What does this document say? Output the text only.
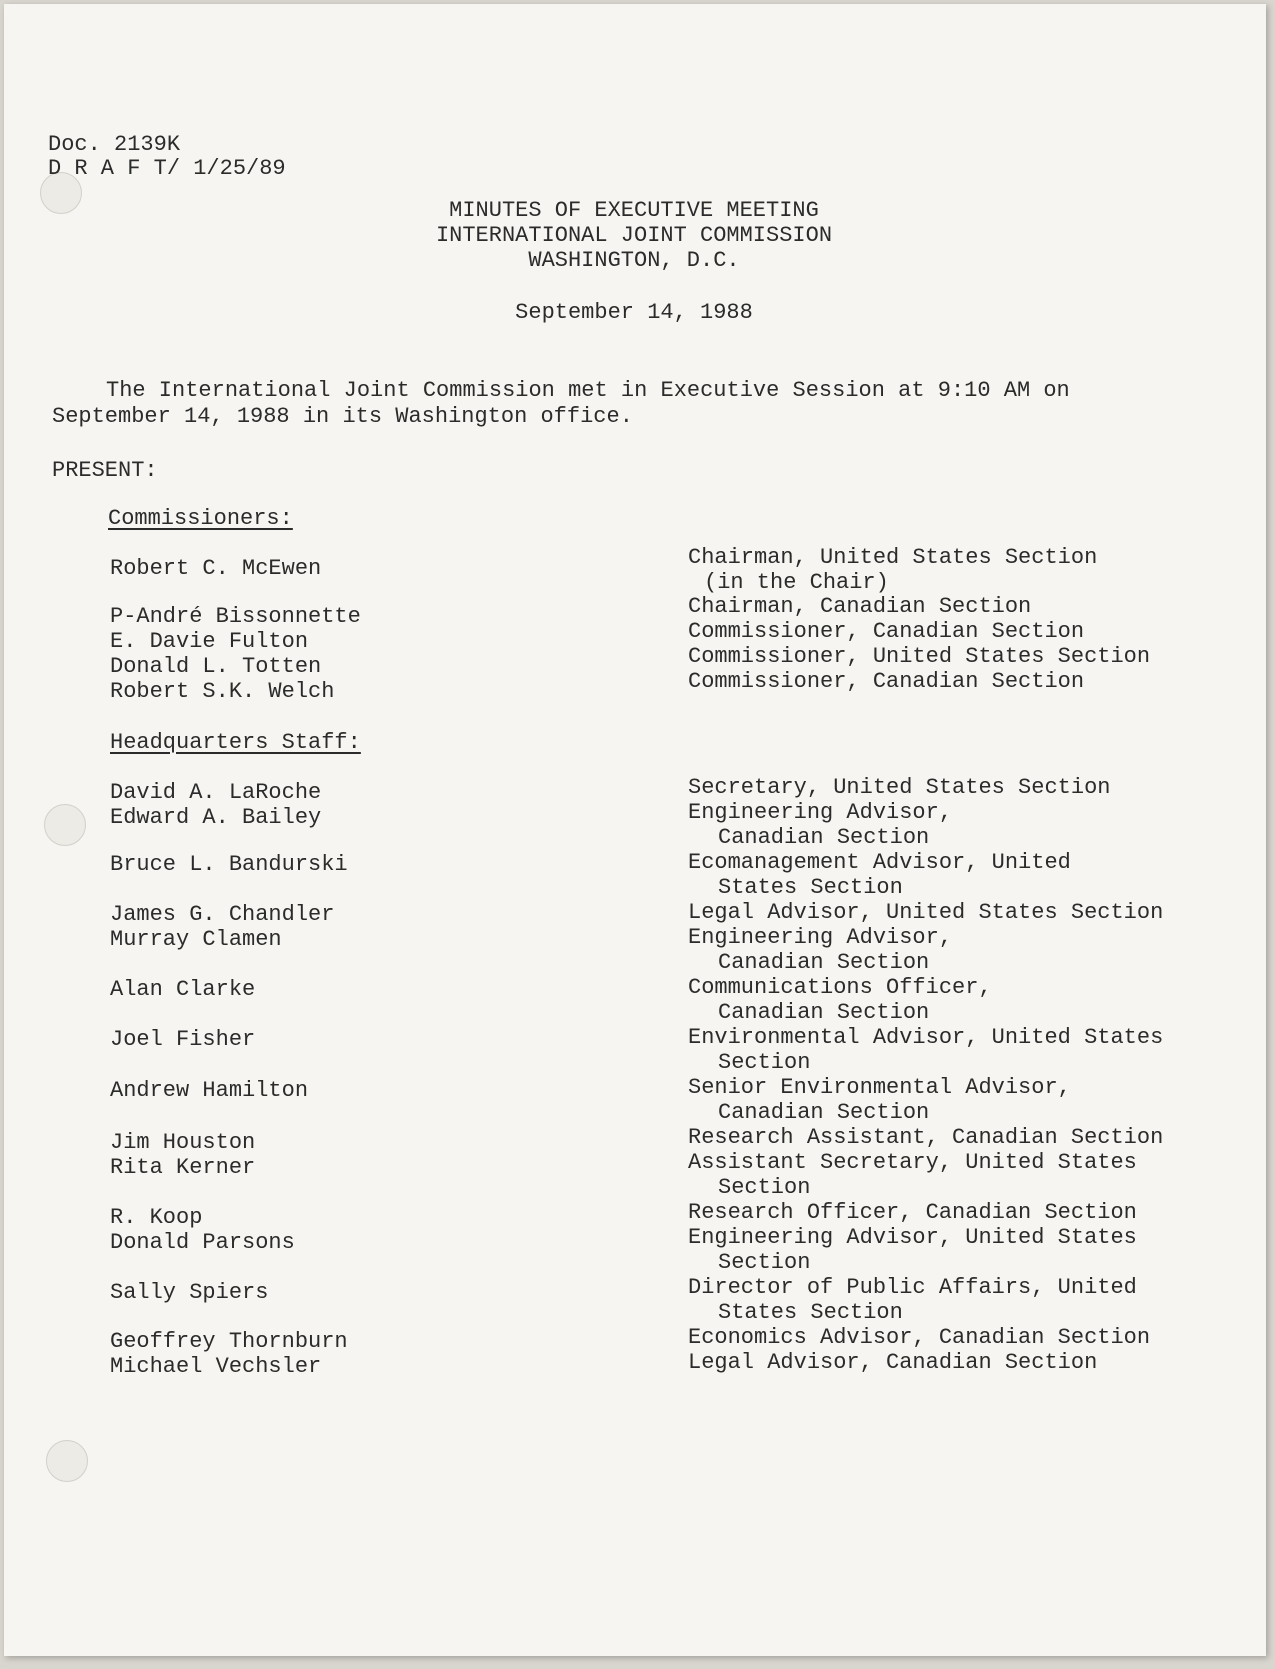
Doc. 2139K

D R A F T/ 1/25/89

MINUTES OF EXECUTIVE MEETING
INTERNATIONAL JOINT COMMISSION
WASHINGTON, D.C.

September 14, 1988

The International Joint Commission met in Executive Session at 9:10 AM on

September 14, 1988 in its Washington office.

PRESENT:

Commissioners:

Robert C. McEwen

P-André Bissonnette

E. Davie Fulton

Donald L. Totten

Robert S.K. Welch

Chairman, United States Section
(in the Chair)
Chairman, Canadian Section
Commissioner, Canadian Section
Commissioner, United States Section
Commissioner, Canadian Section

Headquarters Staff:

David A. LaRoche

Edward A. Bailey

Bruce L. Bandurski

James G. Chandler

Murray Clamen

Alan Clarke

Joel Fisher

Andrew Hamilton

Jim Houston

Rita Kerner

R. Koop

Donald Parsons

Sally Spiers

Geoffrey Thornburn

Michael Vechsler

Secretary, United States Section
Engineering Advisor,
Canadian Section
Ecomanagement Advisor, United
States Section
Legal Advisor, United States Section
Engineering Advisor,
Canadian Section
Communications Officer,
Canadian Section
Environmental Advisor, United States
Section
Senior Environmental Advisor,
Canadian Section
Research Assistant, Canadian Section
Assistant Secretary, United States
Section
Research Officer, Canadian Section
Engineering Advisor, United States
Section
Director of Public Affairs, United
States Section
Economics Advisor, Canadian Section
Legal Advisor, Canadian Section
